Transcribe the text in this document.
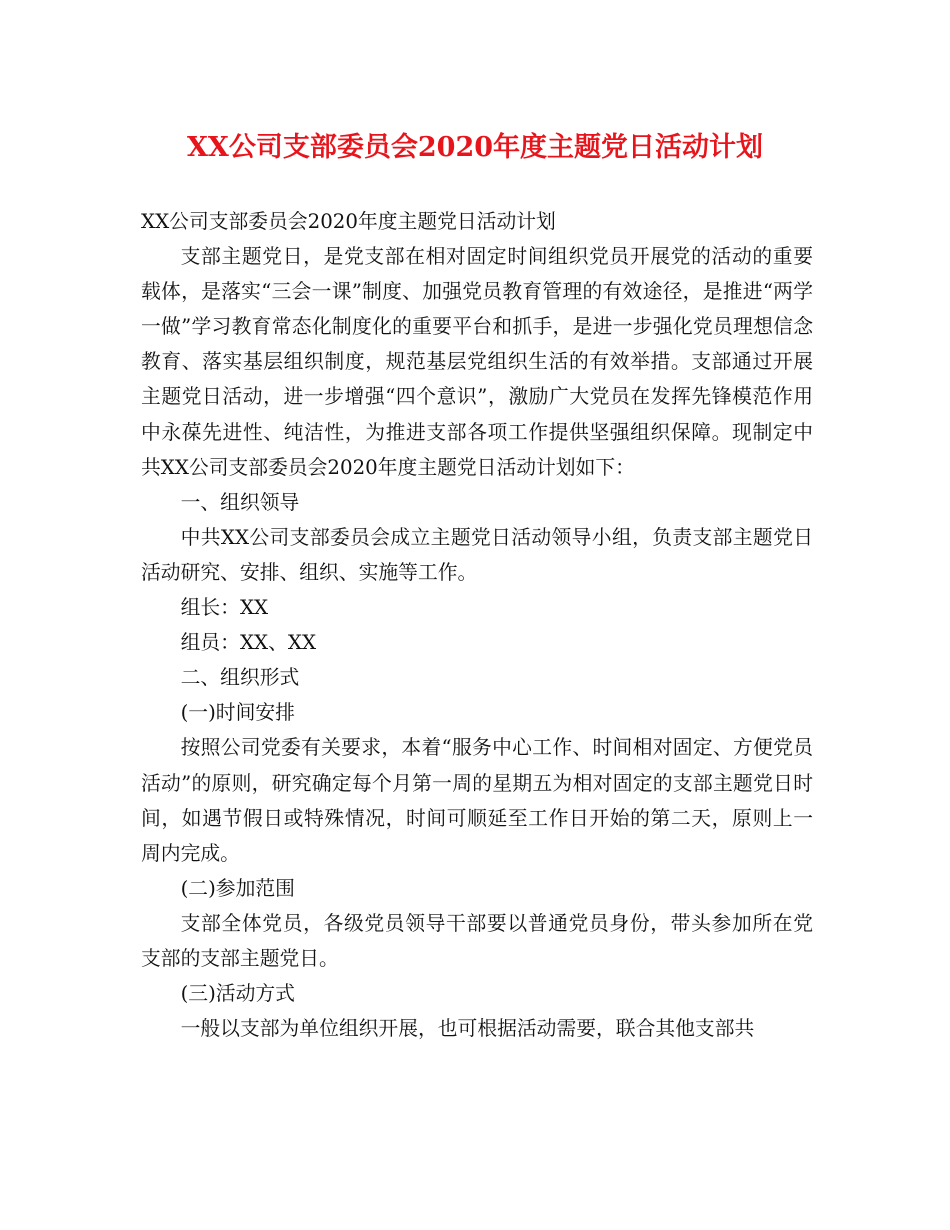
XX公司支部委员会2020年度主题党日活动计划

XX公司支部委员会2020年度主题党日活动计划

支部主题党日，是党支部在相对固定时间组织党员开展党的活动的重要载体，是落实“三会一课”制度、加强党员教育管理的有效途径，是推进“两学一做”学习教育常态化制度化的重要平台和抓手，是进一步强化党员理想信念教育、落实基层组织制度，规范基层党组织生活的有效举措。支部通过开展主题党日活动，进一步增强“四个意识”，激励广大党员在发挥先锋模范作用中永葆先进性、纯洁性，为推进支部各项工作提供坚强组织保障。现制定中共XX公司支部委员会2020年度主题党日活动计划如下：

一、组织领导

中共XX公司支部委员会成立主题党日活动领导小组，负责支部主题党日活动研究、安排、组织、实施等工作。

组长：XX

组员：XX、XX

二、组织形式

(一)时间安排

按照公司党委有关要求，本着“服务中心工作、时间相对固定、方便党员活动”的原则，研究确定每个月第一周的星期五为相对固定的支部主题党日时间，如遇节假日或特殊情况，时间可顺延至工作日开始的第二天，原则上一周内完成。

(二)参加范围

支部全体党员，各级党员领导干部要以普通党员身份，带头参加所在党支部的支部主题党日。

(三)活动方式

一般以支部为单位组织开展，也可根据活动需要，联合其他支部共
